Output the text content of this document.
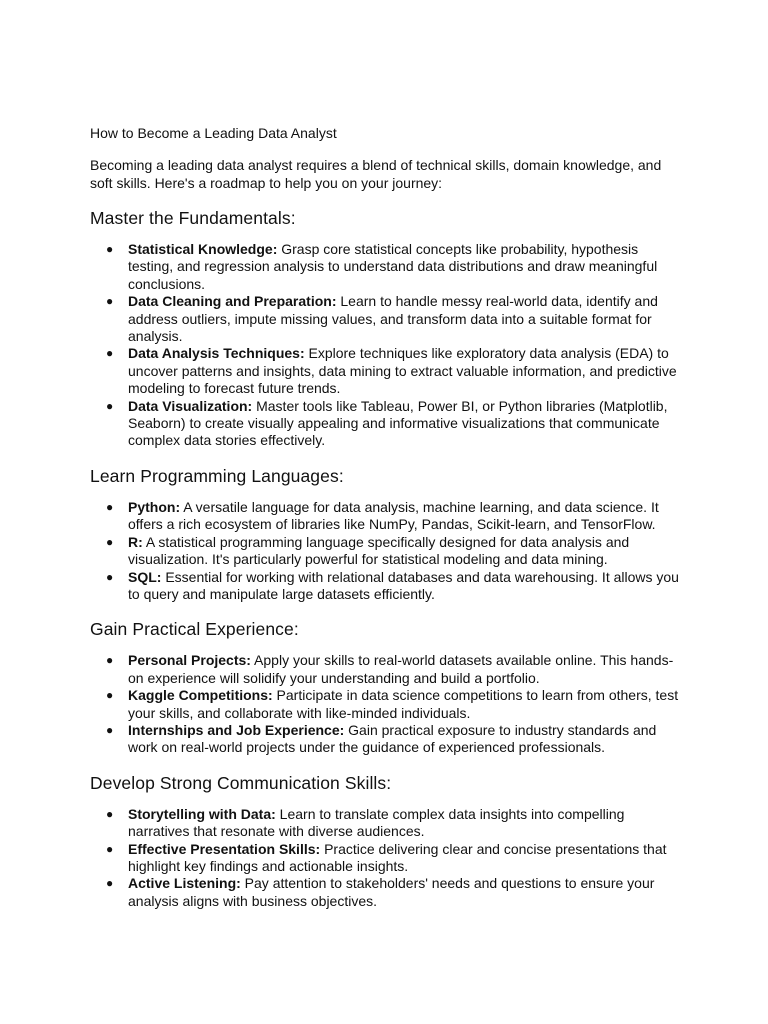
How to Become a Leading Data Analyst

Becoming a leading data analyst requires a blend of technical skills, domain knowledge, and soft skills. Here's a roadmap to help you on your journey:

Master the Fundamentals:
● Statistical Knowledge: Grasp core statistical concepts like probability, hypothesis testing, and regression analysis to understand data distributions and draw meaningful conclusions.
● Data Cleaning and Preparation: Learn to handle messy real-world data, identify and address outliers, impute missing values, and transform data into a suitable format for analysis.
● Data Analysis Techniques: Explore techniques like exploratory data analysis (EDA) to uncover patterns and insights, data mining to extract valuable information, and predictive modeling to forecast future trends.
● Data Visualization: Master tools like Tableau, Power BI, or Python libraries (Matplotlib, Seaborn) to create visually appealing and informative visualizations that communicate complex data stories effectively.
Learn Programming Languages:
● Python: A versatile language for data analysis, machine learning, and data science. It offers a rich ecosystem of libraries like NumPy, Pandas, Scikit-learn, and TensorFlow.
● R: A statistical programming language specifically designed for data analysis and visualization. It's particularly powerful for statistical modeling and data mining.
● SQL: Essential for working with relational databases and data warehousing. It allows you to query and manipulate large datasets efficiently.
Gain Practical Experience:
● Personal Projects: Apply your skills to real-world datasets available online. This hands-on experience will solidify your understanding and build a portfolio.
● Kaggle Competitions: Participate in data science competitions to learn from others, test your skills, and collaborate with like-minded individuals.
● Internships and Job Experience: Gain practical exposure to industry standards and work on real-world projects under the guidance of experienced professionals.
Develop Strong Communication Skills:
● Storytelling with Data: Learn to translate complex data insights into compelling narratives that resonate with diverse audiences.
● Effective Presentation Skills: Practice delivering clear and concise presentations that highlight key findings and actionable insights.
● Active Listening: Pay attention to stakeholders' needs and questions to ensure your analysis aligns with business objectives.
